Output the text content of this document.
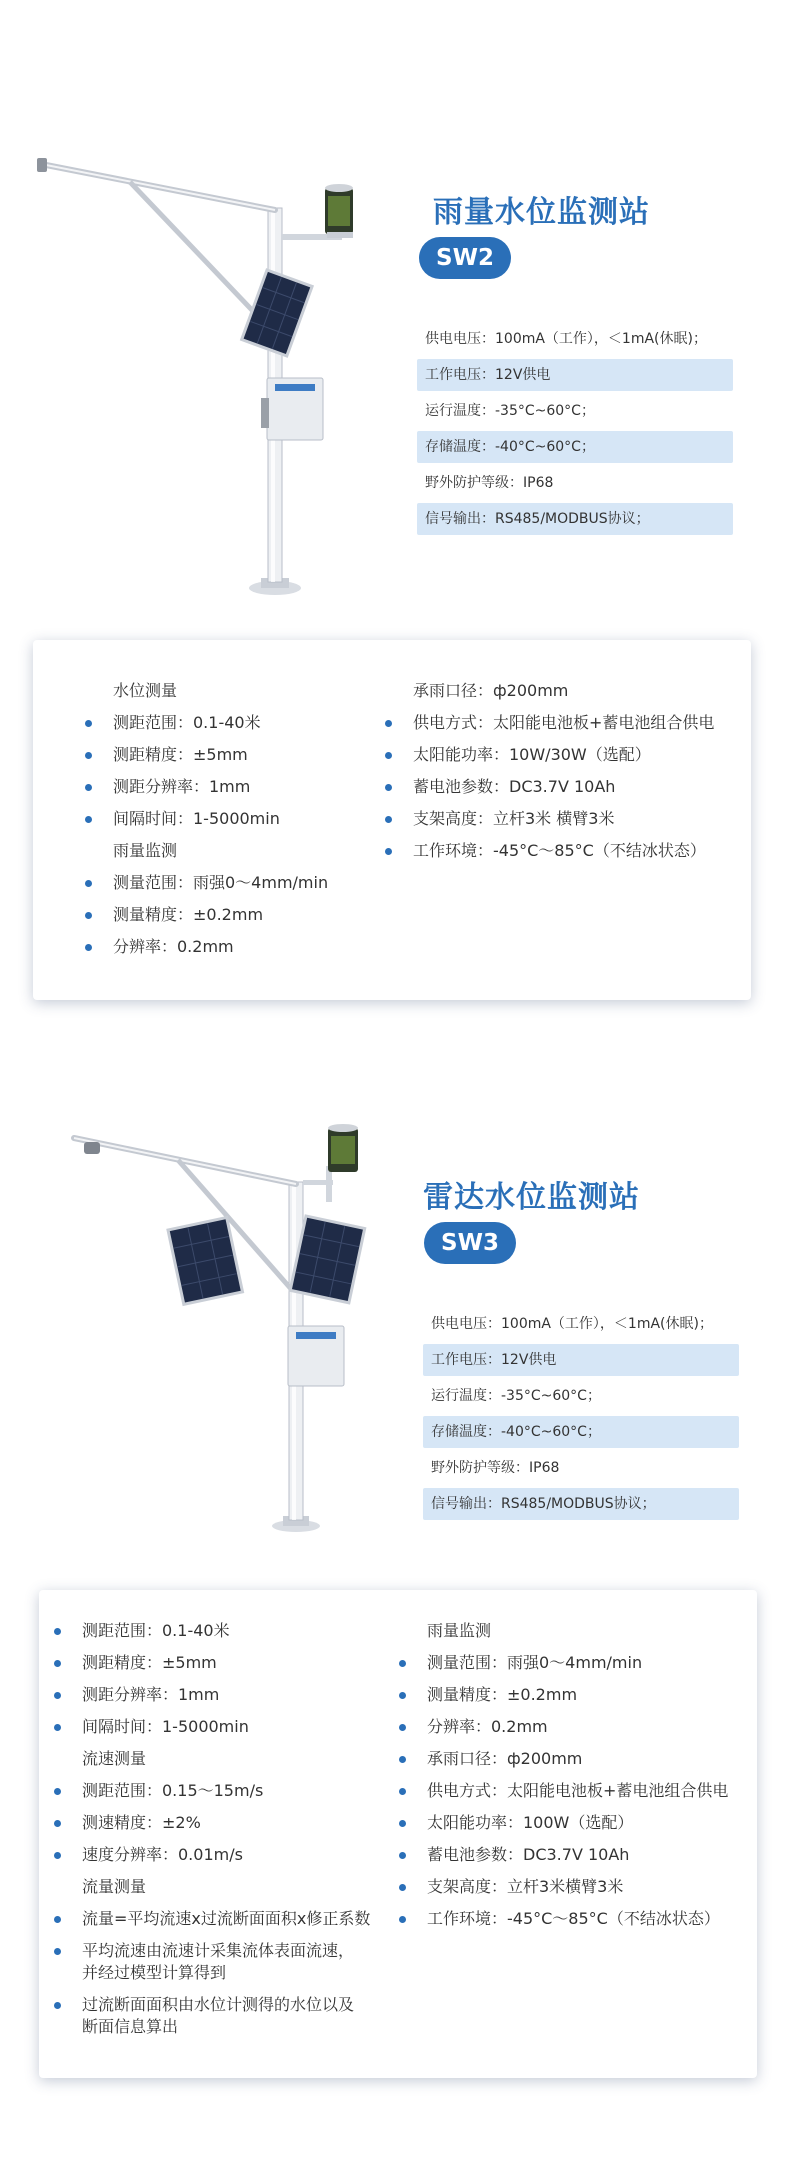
雨量水位监测站
SW2
供电电压：100mA（工作），＜1mA(休眠)；
工作电压：12V供电
运行温度：-35°C~60°C；
存储温度：-40°C~60°C；
野外防护等级：IP68
信号输出：RS485/MODBUS协议；
水位测量
测距范围：0.1-40米
测距精度：±5mm
测距分辨率：1mm
间隔时间：1-5000min
雨量监测
测量范围：雨强0～4mm/min
测量精度：±0.2mm
分辨率：0.2mm
承雨口径：ф200mm
供电方式：太阳能电池板+蓄电池组合供电
太阳能功率：10W/30W（选配）
蓄电池参数：DC3.7V 10Ah
支架高度：立杆3米 横臂3米
工作环境：-45°C～85°C（不结冰状态）
雷达水位监测站
SW3
供电电压：100mA（工作），＜1mA(休眠)；
工作电压：12V供电
运行温度：-35°C~60°C；
存储温度：-40°C~60°C；
野外防护等级：IP68
信号输出：RS485/MODBUS协议；
测距范围：0.1-40米
测距精度：±5mm
测距分辨率：1mm
间隔时间：1-5000min
流速测量
测距范围：0.15～15m/s
测速精度：±2%
速度分辨率：0.01m/s
流量测量
流量=平均流速x过流断面面积x修正系数
平均流速由流速计采集流体表面流速，
并经过模型计算得到
过流断面面积由水位计测得的水位以及
断面信息算出
雨量监测
测量范围：雨强0～4mm/min
测量精度：±0.2mm
分辨率：0.2mm
承雨口径：ф200mm
供电方式：太阳能电池板+蓄电池组合供电
太阳能功率：100W（选配）
蓄电池参数：DC3.7V 10Ah
支架高度：立杆3米横臂3米
工作环境：-45°C～85°C（不结冰状态）
